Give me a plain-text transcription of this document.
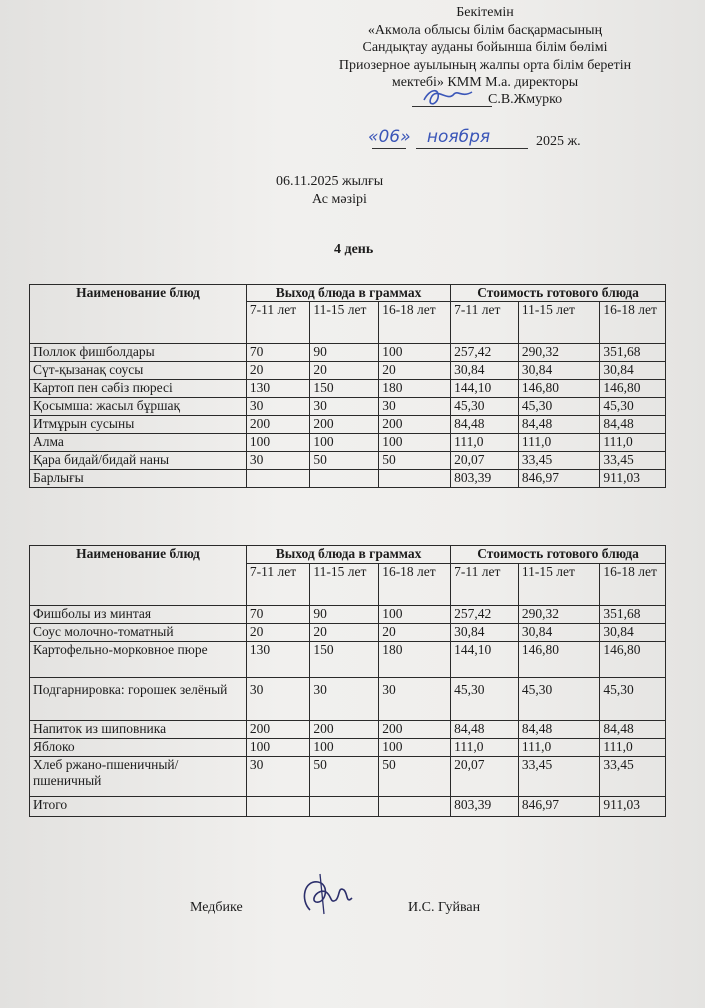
Бекітемін
«Акмола облысы білім басқармасының
Сандықтау ауданы бойынша білім бөлімі
Приозерное ауылының жалпы орта білім беретін
мектебі» КММ М.а. директоры
С.В.Жмурко
«06» ноября	2025 ж.
06.11.2025 жылғы
Ас мәзірі
4 день
Наименование блюд	Выход блюда в граммах			Стоимость готового блюда		
	7-11 лет	11-15 лет	16-18 лет	7-11 лет	11-15 лет	16-18 лет
Поллок фишболдары	70	90	100	257,42	290,32	351,68
Сүт-қызанақ соусы	20	20	20	30,84	30,84	30,84
Картоп пен сәбіз пюресі	130	150	180	144,10	146,80	146,80
Қосымша: жасыл бұршақ	30	30	30	45,30	45,30	45,30
Итмұрын сусыны	200	200	200	84,48	84,48	84,48
Алма	100	100	100	111,0	111,0	111,0
Қара бидай/бидай наны	30	50	50	20,07	33,45	33,45
Барлығы				803,39	846,97	911,03
Наименование блюд	Выход блюда в граммах			Стоимость готового блюда		
	7-11 лет	11-15 лет	16-18 лет	7-11 лет	11-15 лет	16-18 лет
Фишболы из минтая	70	90	100	257,42	290,32	351,68
Соус молочно-томатный	20	20	20	30,84	30,84	30,84
Картофельно-морковное пюре	130	150	180	144,10	146,80	146,80
Подгарнировка: горошек зелёный	30	30	30	45,30	45,30	45,30
Напиток из шиповника	200	200	200	84,48	84,48	84,48
Яблоко	100	100	100	111,0	111,0	111,0
Хлеб ржано-пшеничный/пшеничный	30	50	50	20,07	33,45	33,45
Итого				803,39	846,97	911,03
Медбике	И.С. Гуйван
